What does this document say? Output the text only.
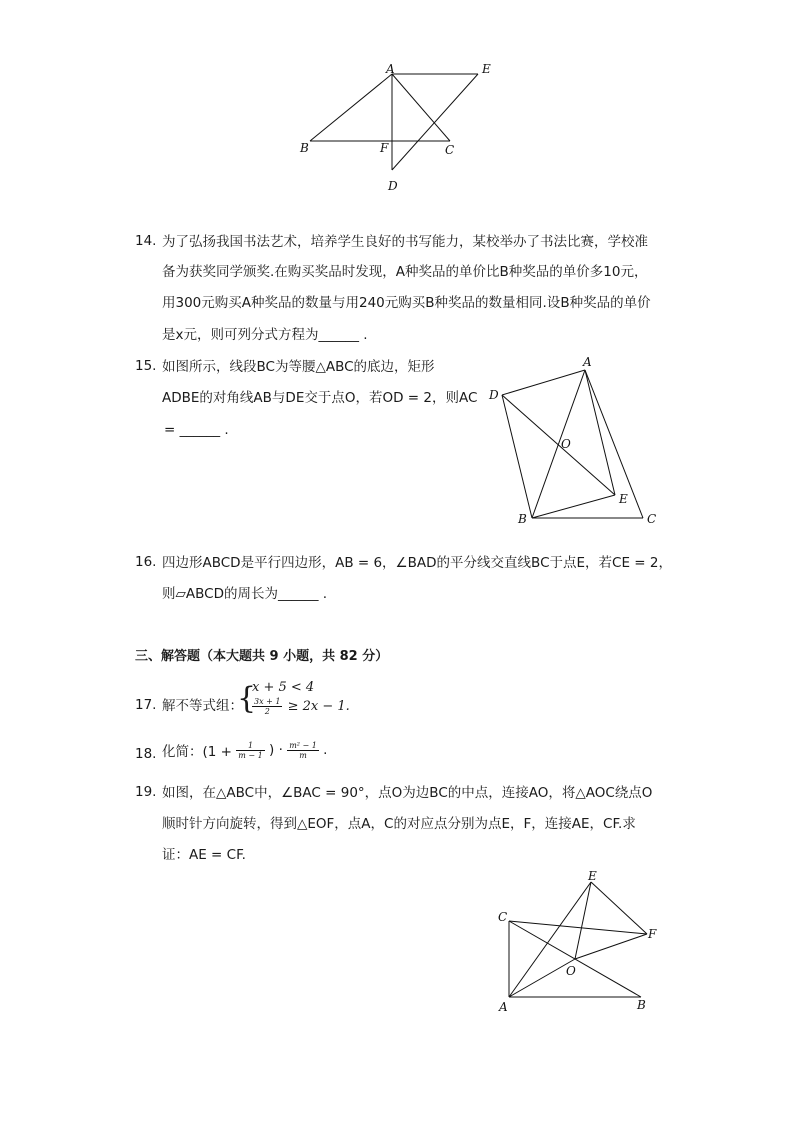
A	E
B	F	C
D
14. 为了弘扬我国书法艺术，培养学生良好的书写能力，某校举办了书法比赛，学校准
备为获奖同学颁奖.在购买奖品时发现，A种奖品的单价比B种奖品的单价多10元，
用300元购买A种奖品的数量与用240元购买B种奖品的数量相同.设B种奖品的单价
是x元，则可列分式方程为______ .
15. 如图所示，线段BC为等腰△ABC的底边，矩形
ADBE的对角线AB与DE交于点O，若OD = 2，则AC
= ______ .
A
D
O
E
B	C
16. 四边形ABCD是平行四边形，AB = 6，∠BAD的平分线交直线BC于点E，若CE = 2，
则▱ABCD的周长为______ .
三、解答题（本大题共 9 小题，共 82 分）
17. 解不等式组：
{
x + 5 < 4
$\frac{3x + 1}{2} \ge 2x - 1$.
18. 化简：($1 + \frac{1}{m - 1}$ ) · $\frac{\text{m² − 1}}{m}$ .
19. 如图，在△ABC中，∠BAC = 90°，点O为边BC的中点，连接AO，将△AOC绕点O
顺时针方向旋转，得到△EOF，点A，C的对应点分别为点E，F，连接AE，CF.求
证：AE = CF.
E
C
F
O
A	B
